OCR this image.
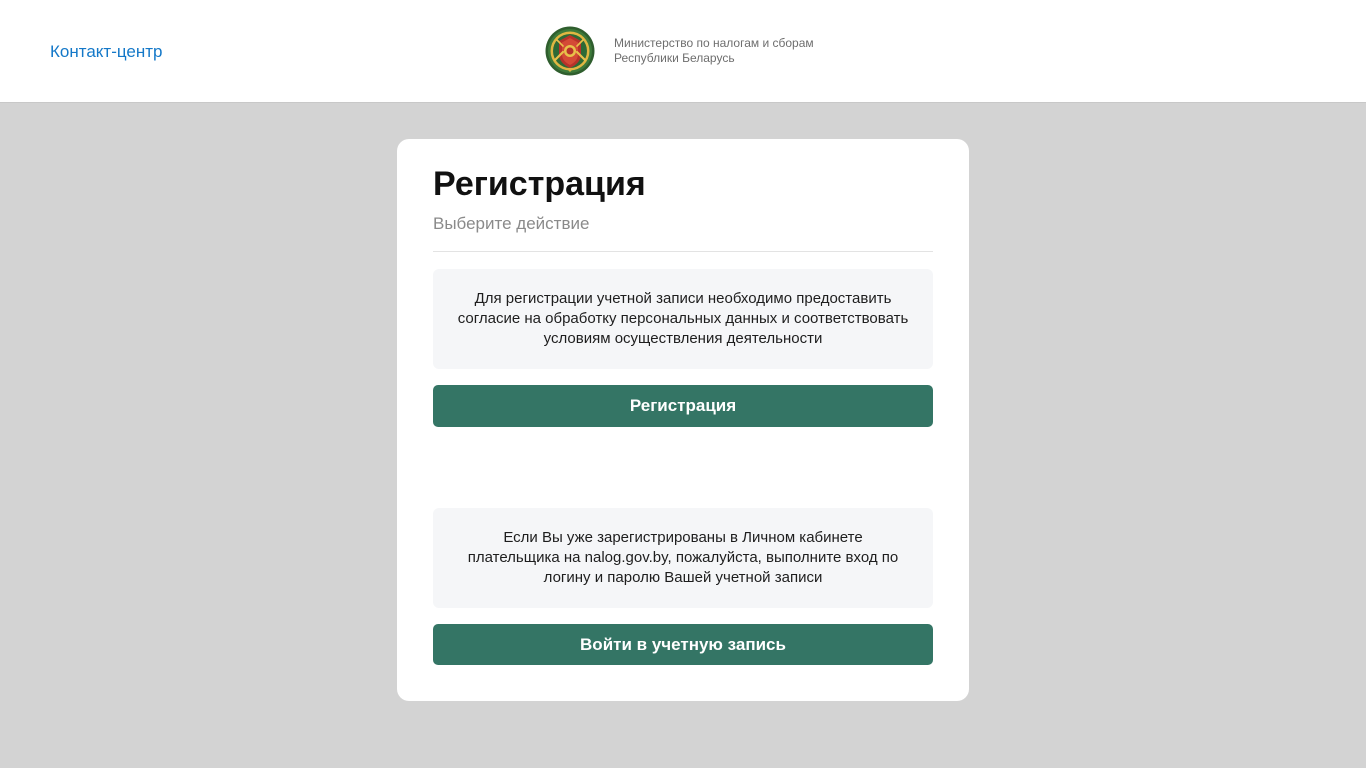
Контакт-центр	Министерство по налогам и сборам
Республики Беларусь
Регистрация
Выберите действие

Для регистрации учетной записи необходимо предоставить согласие на обработку персональных данных и соответствовать условиям осуществления деятельности

Регистрация

Если Вы уже зарегистрированы в Личном кабинете плательщика на nalog.gov.by, пожалуйста, выполните вход по логину и паролю Вашей учетной записи

Войти в учетную запись
